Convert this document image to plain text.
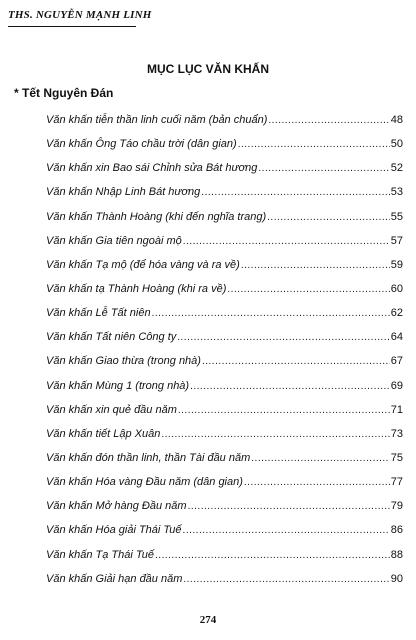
THS. NGUYỄN MẠNH LINH
MỤC LỤC VĂN KHẤN
* Tết Nguyên Đán
Văn khấn tiễn thần linh cuối năm (bản chuẩn) .....	48
Văn khấn Ông Táo chầu trời (dân gian) .....	50
Văn khấn xin Bao sái Chỉnh sửa Bát hương .....	52
Văn khấn Nhập Linh Bát hương .....	53
Văn khấn Thành Hoàng (khi đến nghĩa trang) .....	55
Văn khấn Gia tiên ngoài mộ .....	57
Văn khấn Tạ mộ (để hóa vàng và ra về) .....	59
Văn khấn tạ Thành Hoàng (khi ra về) .....	60
Văn khấn Lễ Tất niên .....	62
Văn khấn Tất niên Công ty .....	64
Văn khấn Giao thừa (trong nhà) .....	67
Văn khấn Mùng 1 (trong nhà) .....	69
Văn khấn xin quẻ đầu năm .....	71
Văn khấn tiết Lập Xuân .....	73
Văn khấn đón thần linh, thần Tài đầu năm .....	75
Văn khấn Hóa vàng Đầu năm (dân gian) .....	77
Văn khấn Mở hàng Đầu năm .....	79
Văn khấn Hóa giải Thái Tuế .....	86
Văn khấn Tạ Thái Tuế .....	88
Văn khấn Giải hạn đầu năm .....	90
274
